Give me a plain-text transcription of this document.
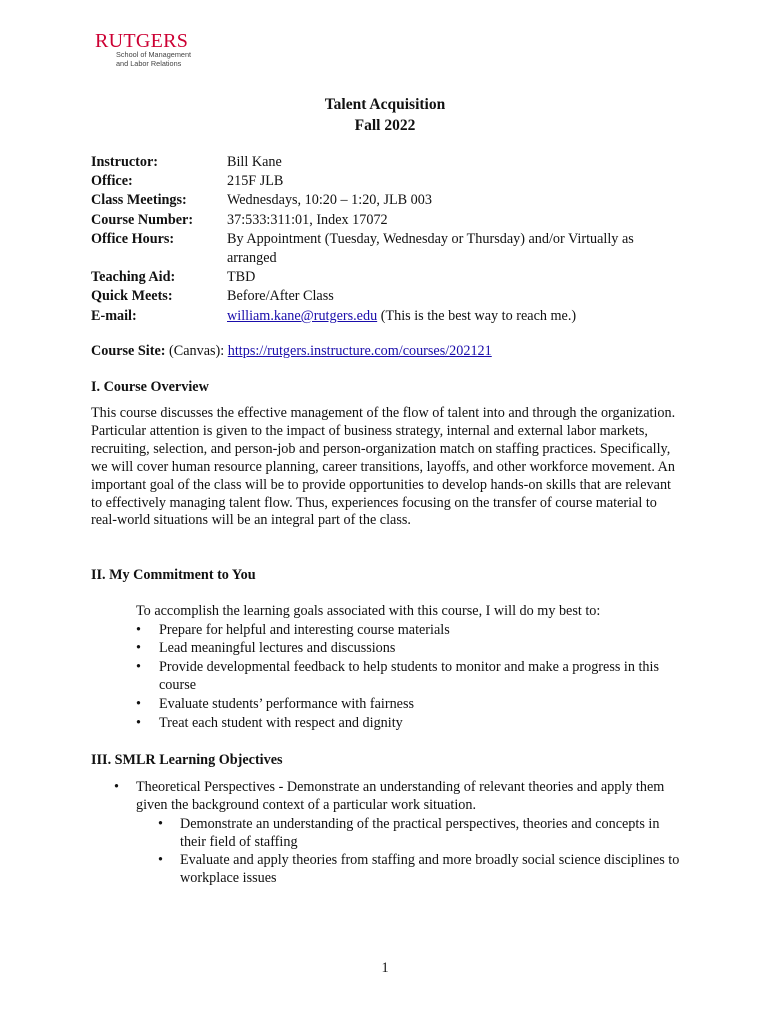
RUTGERS
School of Management
and Labor Relations
Talent Acquisition
Fall 2022
Instructor:	Bill Kane
Office:	215F JLB
Class Meetings:	Wednesdays, 10:20 – 1:20, JLB 003
Course Number:	37:533:311:01, Index 17072
Office Hours:	By Appointment (Tuesday, Wednesday or Thursday) and/or Virtually as arranged
Teaching Aid:	TBD
Quick Meets:	Before/After Class
E-mail:	william.kane@rutgers.edu (This is the best way to reach me.)
Course Site: (Canvas): https://rutgers.instructure.com/courses/202121
I. Course Overview
This course discusses the effective management of the flow of talent into and through the organization. Particular attention is given to the impact of business strategy, internal and external labor markets, recruiting, selection, and person-job and person-organization match on staffing practices. Specifically, we will cover human resource planning, career transitions, layoffs, and other workforce movement. An important goal of the class will be to provide opportunities to develop hands-on skills that are relevant to effectively managing talent flow. Thus, experiences focusing on the transfer of course material to real-world situations will be an integral part of the class.
II. My Commitment to You
To accomplish the learning goals associated with this course, I will do my best to:
• Prepare for helpful and interesting course materials
• Lead meaningful lectures and discussions
• Provide developmental feedback to help students to monitor and make a progress in this course
• Evaluate students’ performance with fairness
• Treat each student with respect and dignity
III. SMLR Learning Objectives
• Theoretical Perspectives - Demonstrate an understanding of relevant theories and apply them given the background context of a particular work situation.
• Demonstrate an understanding of the practical perspectives, theories and concepts in their field of staffing
• Evaluate and apply theories from staffing and more broadly social science disciplines to workplace issues
1
